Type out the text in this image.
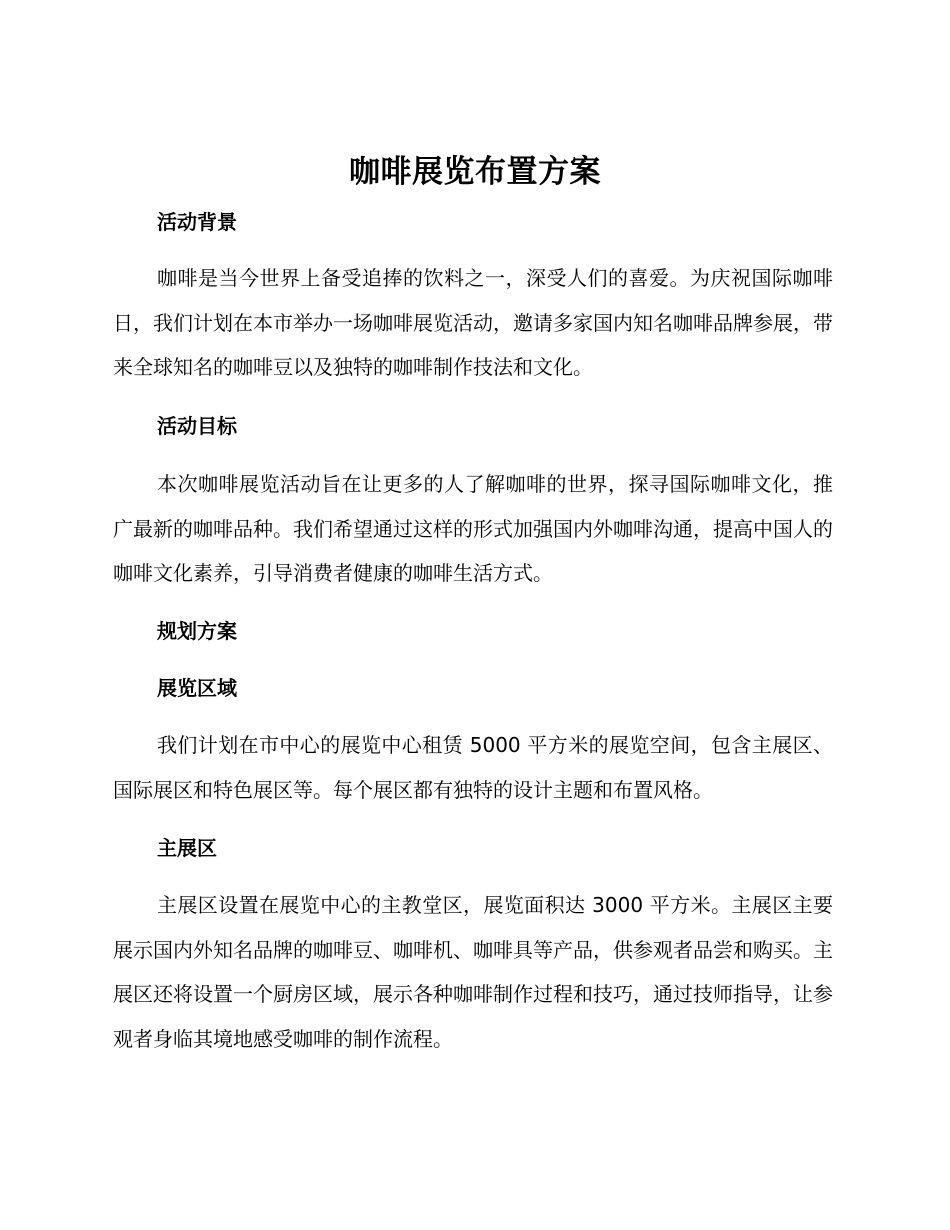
咖啡展览布置方案
活动背景

咖啡是当今世界上备受追捧的饮料之一，深受人们的喜爱。为庆祝国际咖啡日，我们计划在本市举办一场咖啡展览活动，邀请多家国内知名咖啡品牌参展，带来全球知名的咖啡豆以及独特的咖啡制作技法和文化。

活动目标

本次咖啡展览活动旨在让更多的人了解咖啡的世界，探寻国际咖啡文化，推广最新的咖啡品种。我们希望通过这样的形式加强国内外咖啡沟通，提高中国人的咖啡文化素养，引导消费者健康的咖啡生活方式。

规划方案
展览区域

我们计划在市中心的展览中心租赁 5000 平方米的展览空间，包含主展区、国际展区和特色展区等。每个展区都有独特的设计主题和布置风格。

主展区

主展区设置在展览中心的主教堂区，展览面积达 3000 平方米。主展区主要展示国内外知名品牌的咖啡豆、咖啡机、咖啡具等产品，供参观者品尝和购买。主展区还将设置一个厨房区域，展示各种咖啡制作过程和技巧，通过技师指导，让参观者身临其境地感受咖啡的制作流程。
